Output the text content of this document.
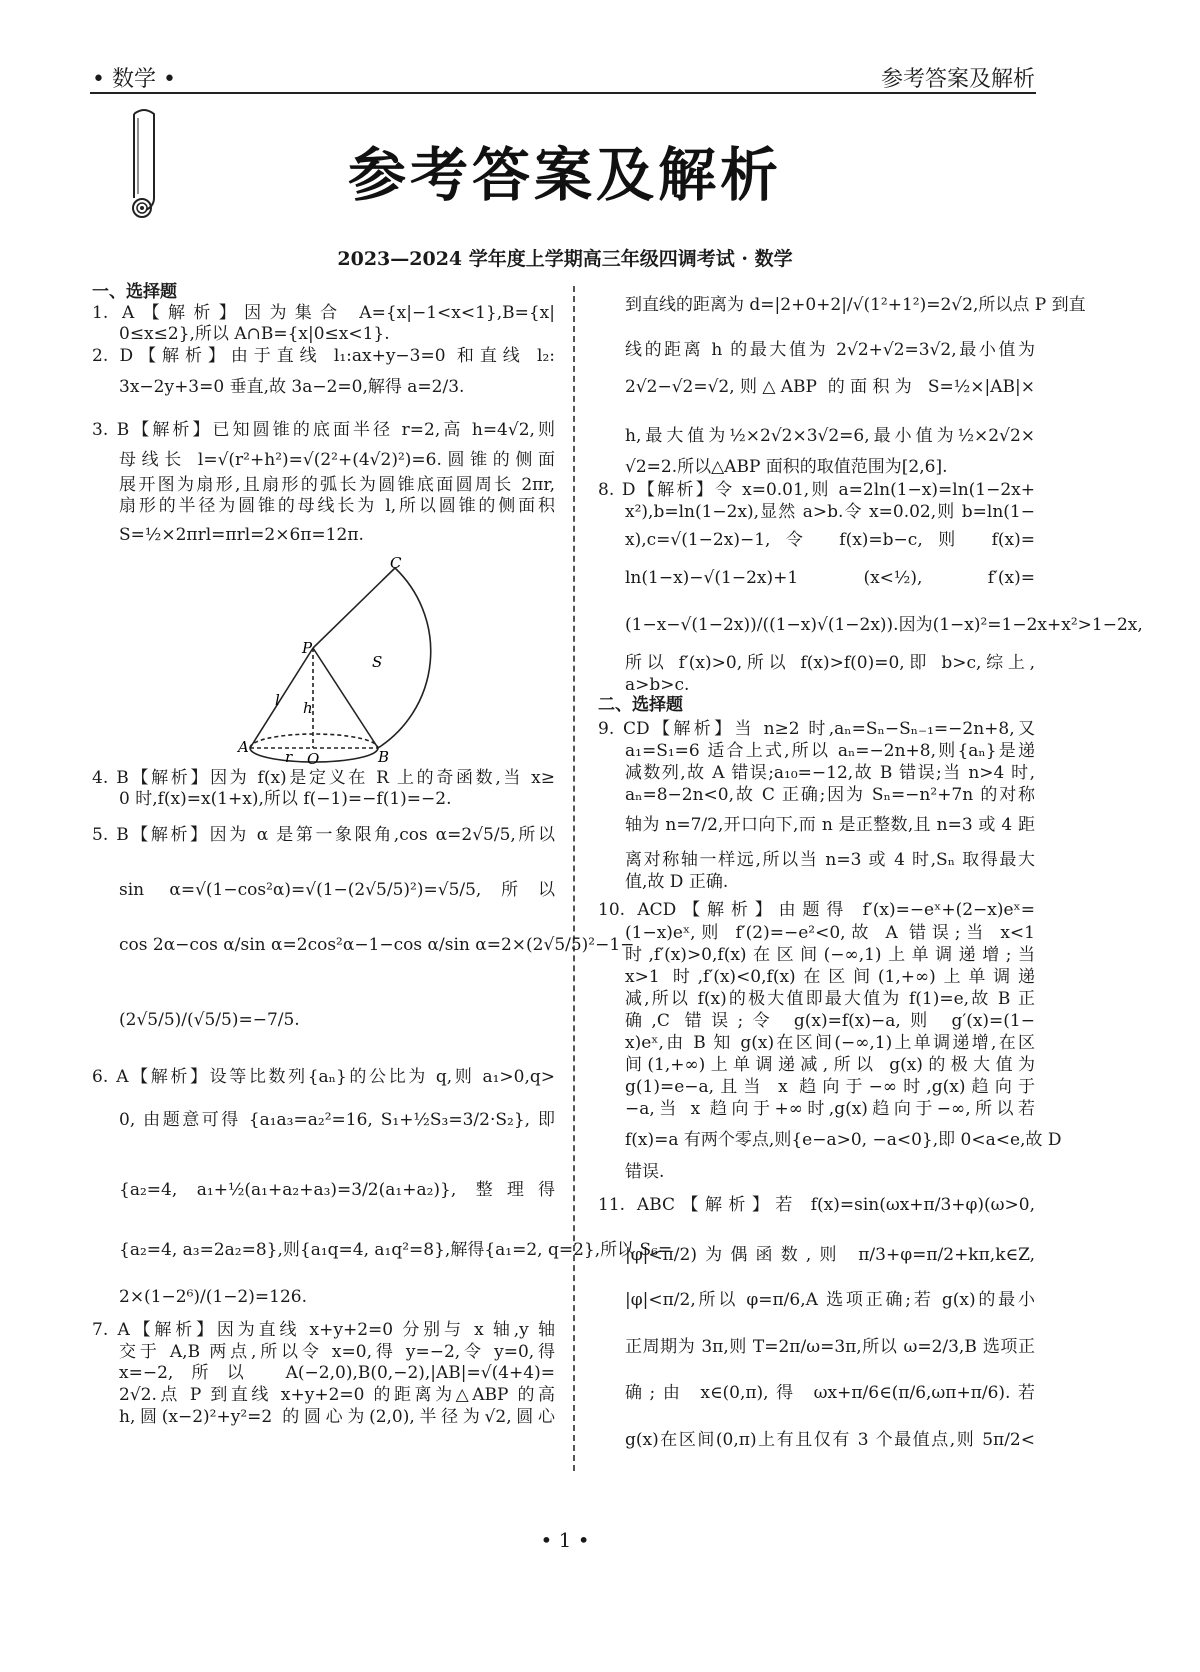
• 数学 •	参考答案及解析
参考答案及解析
2023—2024 学年度上学期高三年级四调考试 · 数学
C
P
S
l h
A
r O	B
一、选择题
1. A【解析】因为集合 A={x|−1<x<1},B={x|
0≤x≤2},所以 A∩B={x|0≤x<1}.
2. D【解析】由于直线 l₁:ax+y−3=0 和直线 l₂:
3x−2y+3=0 垂直,故 3a−2=0,解得 a=2/3.
3. B【解析】已知圆锥的底面半径 r=2,高 h=4√2,则
母线长 l=√(r²+h²)=√(2²+(4√2)²)=6.圆锥的侧面
展开图为扇形,且扇形的弧长为圆锥底面圆周长 2πr,
扇形的半径为圆锥的母线长为 l,所以圆锥的侧面积
S=½×2πrl=πrl=2×6π=12π.
4. B【解析】因为 f(x)是定义在 R 上的奇函数,当 x≥
0 时,f(x)=x(1+x),所以 f(−1)=−f(1)=−2.
5. B【解析】因为 α 是第一象限角,cos α=2√5/5,所以
sin α=√(1−cos²α)=√(1−(2√5/5)²)=√5/5,所以
cos 2α−cos α/sin α=2cos²α−1−cos α/sin α=2×(2√5/5)²−1−
(2√5/5)/(√5/5)=−7/5.
6. A【解析】设等比数列{aₙ}的公比为 q,则 a₁>0,q>
0, 由题意可得 {a₁a₃=a₂²=16, S₁+½S₃=3/2·S₂}, 即
{a₂=4, a₁+½(a₁+a₂+a₃)=3/2(a₁+a₂)}, 整理得
{a₂=4, a₃=2a₂=8},则{a₁q=4, a₁q²=8},解得{a₁=2, q=2},所以 S₆=
2×(1−2⁶)/(1−2)=126.
7. A【解析】因为直线 x+y+2=0 分别与 x 轴,y 轴
交于 A,B 两点,所以令 x=0,得 y=−2,令 y=0,得
x=−2,所以 A(−2,0),B(0,−2),|AB|=√(4+4)=
2√2.点 P 到直线 x+y+2=0 的距离为△ABP 的高
h,圆(x−2)²+y²=2 的圆心为(2,0),半径为√2,圆心
到直线的距离为 d=|2+0+2|/√(1²+1²)=2√2,所以点 P 到直
线的距离 h 的最大值为 2√2+√2=3√2,最小值为
2√2−√2=√2,则△ABP 的面积为 S=½×|AB|×
h,最大值为½×2√2×3√2=6,最小值为½×2√2×
√2=2.所以△ABP 面积的取值范围为[2,6].
8. D【解析】令 x=0.01,则 a=2ln(1−x)=ln(1−2x+
x²),b=ln(1−2x),显然 a>b.令 x=0.02,则 b=ln(1−
x),c=√(1−2x)−1,令 f(x)=b−c,则 f(x)=
ln(1−x)−√(1−2x)+1 (x<½), f′(x)=
(1−x−√(1−2x))/((1−x)√(1−2x)).因为(1−x)²=1−2x+x²>1−2x,
所以 f′(x)>0,所以 f(x)>f(0)=0,即 b>c,综上,
a>b>c.
二、选择题
9. CD【解析】当 n≥2 时,aₙ=Sₙ−Sₙ₋₁=−2n+8,又
a₁=S₁=6 适合上式,所以 aₙ=−2n+8,则{aₙ}是递
减数列,故 A 错误;a₁₀=−12,故 B 错误;当 n>4 时,
aₙ=8−2n<0,故 C 正确;因为 Sₙ=−n²+7n 的对称
轴为 n=7/2,开口向下,而 n 是正整数,且 n=3 或 4 距
离对称轴一样远,所以当 n=3 或 4 时,Sₙ 取得最大
值,故 D 正确.
10. ACD【解析】由题得 f′(x)=−eˣ+(2−x)eˣ=
(1−x)eˣ,则 f′(2)=−e²<0,故 A 错误;当 x<1
时,f′(x)>0,f(x)在区间(−∞,1)上单调递增;当
x>1 时,f′(x)<0,f(x)在区间(1,+∞)上单调递
减,所以 f(x)的极大值即最大值为 f(1)=e,故 B 正
确,C 错误;令 g(x)=f(x)−a,则 g′(x)=(1−
x)eˣ,由 B 知 g(x)在区间(−∞,1)上单调递增,在区
间(1,+∞)上单调递减,所以 g(x)的极大值为
g(1)=e−a,且当 x 趋向于−∞时,g(x)趋向于
−a,当 x 趋向于+∞时,g(x)趋向于−∞,所以若
f(x)=a 有两个零点,则{e−a>0, −a<0},即 0<a<e,故 D
错误.
11. ABC【解析】若 f(x)=sin(ωx+π/3+φ)(ω>0,
|φ|<π/2)为偶函数,则 π/3+φ=π/2+kπ,k∈Z,
|φ|<π/2,所以 φ=π/6,A 选项正确;若 g(x)的最小
正周期为 3π,则 T=2π/ω=3π,所以 ω=2/3,B 选项正
确;由 x∈(0,π),得 ωx+π/6∈(π/6,ωπ+π/6).若
g(x)在区间(0,π)上有且仅有 3 个最值点,则 5π/2<
• 1 •
